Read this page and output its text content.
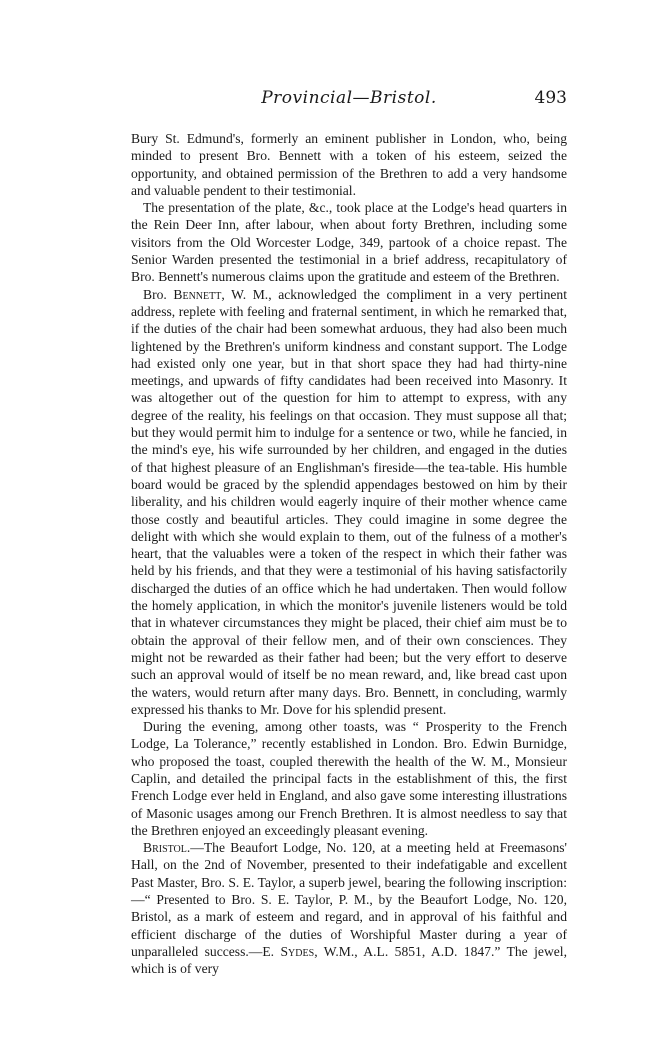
Provincial—Bristol.	493

Bury St. Edmund's, formerly an eminent publisher in London, who, being minded to present Bro. Bennett with a token of his esteem, seized the opportunity, and obtained permission of the Brethren to add a very handsome and valuable pendent to their testimonial.

The presentation of the plate, &c., took place at the Lodge's head quarters in the Rein Deer Inn, after labour, when about forty Brethren, including some visitors from the Old Worcester Lodge, 349, partook of a choice repast. The Senior Warden presented the testimonial in a brief address, recapitulatory of Bro. Bennett's numerous claims upon the gratitude and esteem of the Brethren.

Bro. Bennett, W. M., acknowledged the compliment in a very pertinent address, replete with feeling and fraternal sentiment, in which he remarked that, if the duties of the chair had been somewhat arduous, they had also been much lightened by the Brethren's uniform kindness and constant support. The Lodge had existed only one year, but in that short space they had had thirty-nine meetings, and upwards of fifty candidates had been received into Masonry. It was altogether out of the question for him to attempt to express, with any degree of the reality, his feelings on that occasion. They must suppose all that; but they would permit him to indulge for a sentence or two, while he fancied, in the mind's eye, his wife surrounded by her children, and engaged in the duties of that highest pleasure of an Englishman's fireside—the tea-table. His humble board would be graced by the splendid appendages bestowed on him by their liberality, and his children would eagerly inquire of their mother whence came those costly and beautiful articles. They could imagine in some degree the delight with which she would explain to them, out of the fulness of a mother's heart, that the valuables were a token of the respect in which their father was held by his friends, and that they were a testimonial of his having satisfactorily discharged the duties of an office which he had undertaken. Then would follow the homely application, in which the monitor's juvenile listeners would be told that in whatever circumstances they might be placed, their chief aim must be to obtain the approval of their fellow men, and of their own consciences. They might not be rewarded as their father had been; but the very effort to deserve such an approval would of itself be no mean reward, and, like bread cast upon the waters, would return after many days. Bro. Bennett, in concluding, warmly expressed his thanks to Mr. Dove for his splendid present.

During the evening, among other toasts, was “ Prosperity to the French Lodge, La Tolerance,” recently established in London. Bro. Edwin Burnidge, who proposed the toast, coupled therewith the health of the W. M., Monsieur Caplin, and detailed the principal facts in the establishment of this, the first French Lodge ever held in England, and also gave some interesting illustrations of Masonic usages among our French Brethren. It is almost needless to say that the Brethren enjoyed an exceedingly pleasant evening.

Bristol.—The Beaufort Lodge, No. 120, at a meeting held at Freemasons' Hall, on the 2nd of November, presented to their indefatigable and excellent Past Master, Bro. S. E. Taylor, a superb jewel, bearing the following inscription:—“ Presented to Bro. S. E. Taylor, P. M., by the Beaufort Lodge, No. 120, Bristol, as a mark of esteem and regard, and in approval of his faithful and efficient discharge of the duties of Worshipful Master during a year of unparalleled success.—E. Sydes, W.M., A.L. 5851, A.D. 1847.” The jewel, which is of very
